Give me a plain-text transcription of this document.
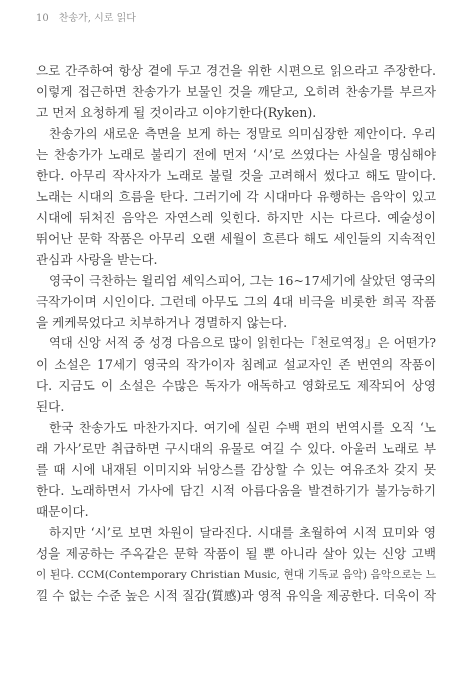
10 찬송가, 시로 읽다
으로 간주하여 항상 곁에 두고 경건을 위한 시편으로 읽으라고 주장한다.
이렇게 접근하면 찬송가가 보물인 것을 깨닫고, 오히려 찬송가를 부르자
고 먼저 요청하게 될 것이라고 이야기한다(Ryken).
찬송가의 새로운 측면을 보게 하는 정말로 의미심장한 제안이다. 우리
는 찬송가가 노래로 불리기 전에 먼저 ‘시’로 쓰였다는 사실을 명심해야
한다. 아무리 작사자가 노래로 불릴 것을 고려해서 썼다고 해도 말이다.
노래는 시대의 흐름을 탄다. 그러기에 각 시대마다 유행하는 음악이 있고
시대에 뒤처진 음악은 자연스레 잊힌다. 하지만 시는 다르다. 예술성이
뛰어난 문학 작품은 아무리 오랜 세월이 흐른다 해도 세인들의 지속적인
관심과 사랑을 받는다.
영국이 극찬하는 윌리엄 셰익스피어, 그는 16~17세기에 살았던 영국의
극작가이며 시인이다. 그런데 아무도 그의 4대 비극을 비롯한 희곡 작품
을 케케묵었다고 치부하거나 경멸하지 않는다.
역대 신앙 서적 중 성경 다음으로 많이 읽힌다는『천로역정』은 어떤가?
이 소설은 17세기 영국의 작가이자 침례교 설교자인 존 번연의 작품이
다. 지금도 이 소설은 수많은 독자가 애독하고 영화로도 제작되어 상영
된다.
한국 찬송가도 마찬가지다. 여기에 실린 수백 편의 번역시를 오직 ‘노
래 가사’로만 취급하면 구시대의 유물로 여길 수 있다. 아울러 노래로 부
를 때 시에 내재된 이미지와 뉘앙스를 감상할 수 있는 여유조차 갖지 못
한다. 노래하면서 가사에 담긴 시적 아름다움을 발견하기가 불가능하기
때문이다.
하지만 ‘시’로 보면 차원이 달라진다. 시대를 초월하여 시적 묘미와 영
성을 제공하는 주옥같은 문학 작품이 될 뿐 아니라 살아 있는 신앙 고백
이 된다. CCM(Contemporary Christian Music, 현대 기독교 음악) 음악으로는 느
낄 수 없는 수준 높은 시적 질감(質感)과 영적 유익을 제공한다. 더욱이 작
